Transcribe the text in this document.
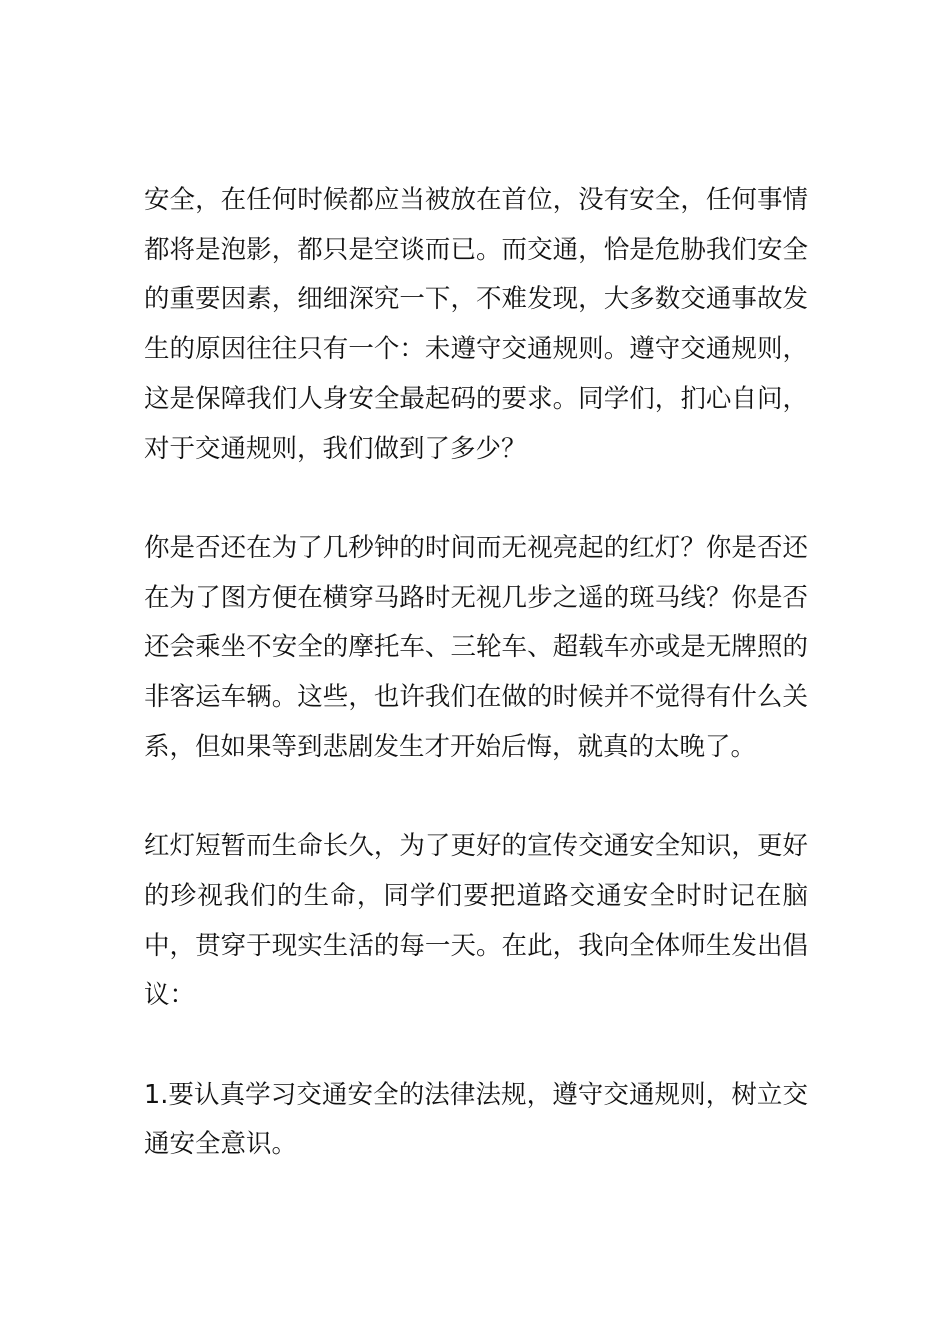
安全，在任何时候都应当被放在首位，没有安全，任何事情都将是泡影，都只是空谈而已。而交通，恰是危胁我们安全的重要因素，细细深究一下，不难发现，大多数交通事故发生的原因往往只有一个：未遵守交通规则。遵守交通规则，这是保障我们人身安全最起码的要求。同学们，扪心自问，对于交通规则，我们做到了多少？

你是否还在为了几秒钟的时间而无视亮起的红灯？你是否还在为了图方便在横穿马路时无视几步之遥的斑马线？你是否还会乘坐不安全的摩托车、三轮车、超载车亦或是无牌照的非客运车辆。这些，也许我们在做的时候并不觉得有什么关系，但如果等到悲剧发生才开始后悔，就真的太晚了。

红灯短暂而生命长久，为了更好的宣传交通安全知识，更好的珍视我们的生命，同学们要把道路交通安全时时记在脑中，贯穿于现实生活的每一天。在此，我向全体师生发出倡议：

1.要认真学习交通安全的法律法规，遵守交通规则，树立交通安全意识。
